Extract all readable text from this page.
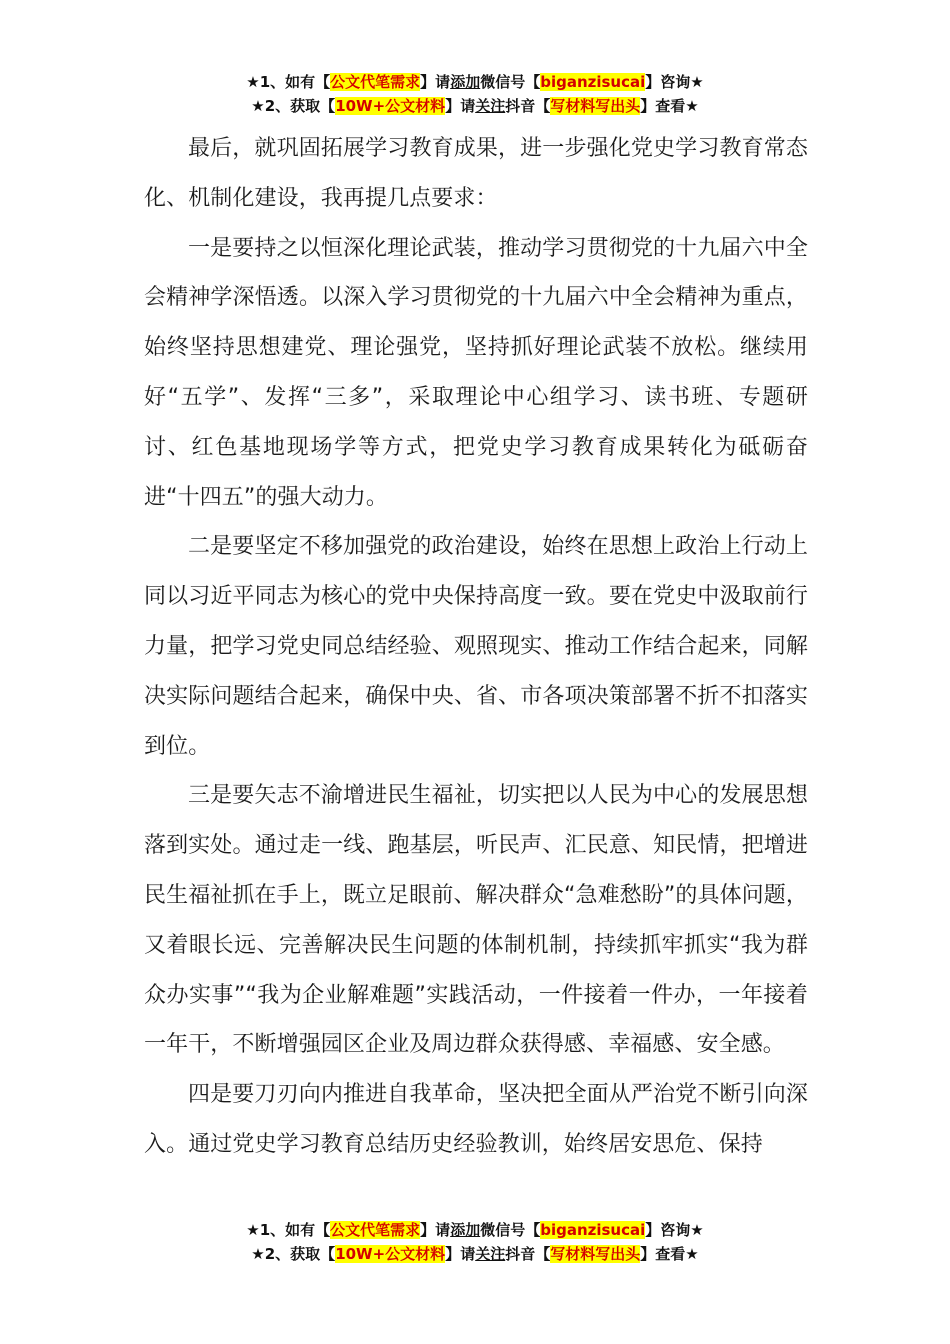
★1、如有【公文代笔需求】请添加微信号【biganzisucai】咨询★
★2、获取【10W+公文材料】请关注抖音【写材料写出头】查看★

最后，就巩固拓展学习教育成果，进一步强化党史学习教育常态化、机制化建设，我再提几点要求：

一是要持之以恒深化理论武装，推动学习贯彻党的十九届六中全会精神学深悟透。以深入学习贯彻党的十九届六中全会精神为重点，始终坚持思想建党、理论强党，坚持抓好理论武装不放松。继续用好“五学”、发挥“三多”，采取理论中心组学习、读书班、专题研讨、红色基地现场学等方式，把党史学习教育成果转化为砥砺奋进“十四五”的强大动力。

二是要坚定不移加强党的政治建设，始终在思想上政治上行动上同以习近平同志为核心的党中央保持高度一致。要在党史中汲取前行力量，把学习党史同总结经验、观照现实、推动工作结合起来，同解决实际问题结合起来，确保中央、省、市各项决策部署不折不扣落实到位。

三是要矢志不渝增进民生福祉，切实把以人民为中心的发展思想落到实处。通过走一线、跑基层，听民声、汇民意、知民情，把增进民生福祉抓在手上，既立足眼前、解决群众“急难愁盼”的具体问题，又着眼长远、完善解决民生问题的体制机制，持续抓牢抓实“我为群众办实事”“我为企业解难题”实践活动，一件接着一件办，一年接着一年干，不断增强园区企业及周边群众获得感、幸福感、安全感。

四是要刀刃向内推进自我革命，坚决把全面从严治党不断引向深入。通过党史学习教育总结历史经验教训，始终居安思危、保持

★1、如有【公文代笔需求】请添加微信号【biganzisucai】咨询★
★2、获取【10W+公文材料】请关注抖音【写材料写出头】查看★
